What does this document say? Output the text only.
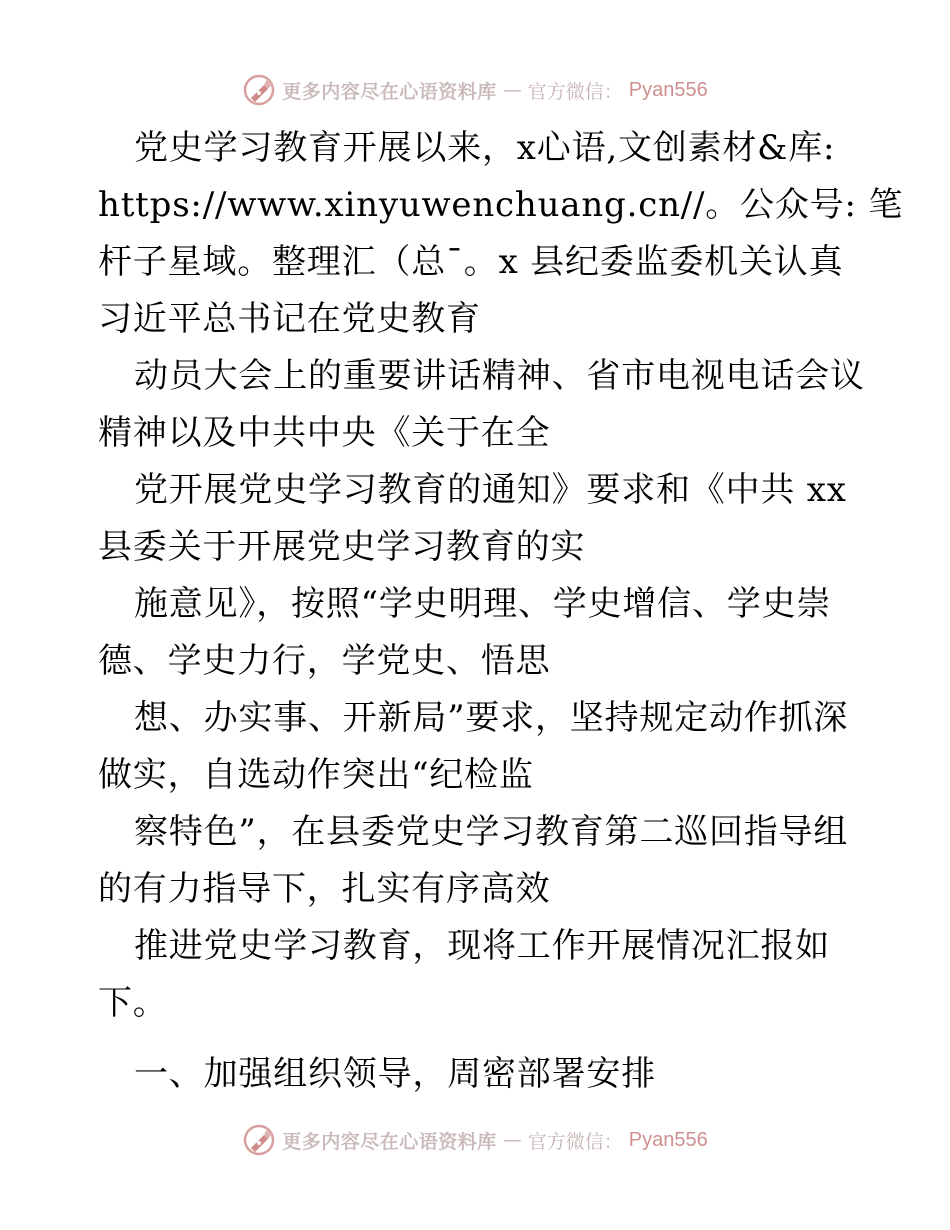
更多内容尽在心语资料库 — 官方微信： Pyan556
党史学习教育开展以来，x心语,文创素材&库:
https://www.xinyuwenchuang.cn//。公众号: 笔
杆子星域。整理汇（总¯。x 县纪委监委机关认真
习近平总书记在党史教育
动员大会上的重要讲话精神、省市电视电话会议
精神以及中共中央《关于在全
党开展党史学习教育的通知》要求和《中共 xx
县委关于开展党史学习教育的实
施意见》，按照“学史明理、学史增信、学史崇
德、学史力行，学党史、悟思
想、办实事、开新局”要求，坚持规定动作抓深
做实，自选动作突出“纪检监
察特色”，在县委党史学习教育第二巡回指导组
的有力指导下，扎实有序高效
推进党史学习教育，现将工作开展情况汇报如
下。
一、加强组织领导，周密部署安排
更多内容尽在心语资料库 — 官方微信： Pyan556
